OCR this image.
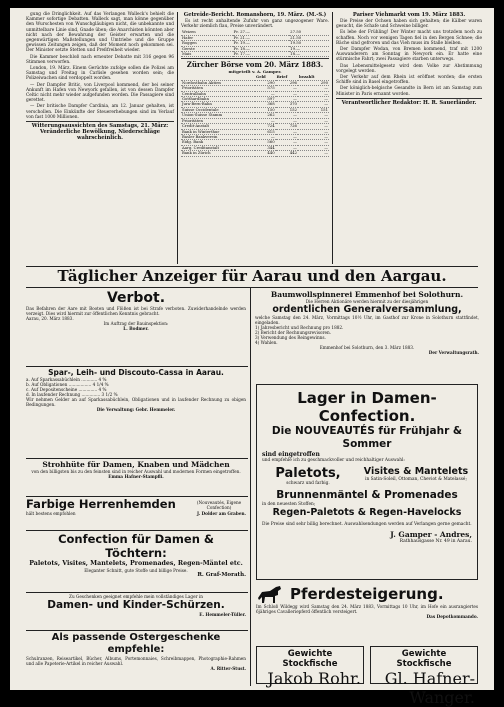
gung die Dringlichkeit. Auf das Verlangen Walleck's behielt die Kammer sofortige Debatten. Walleck sagt, man könne gegenüber den Wurschesten von Wunschgläubigen nicht, die unbekannte und unmittelbare Linie sind, Gnade üben; die Anarchisten könnten aber nicht nach der Bewahrung der Geister erwarten und die gegenwärtigen Maßstellungen und Umtriebe und die Gruppe gewissen Zeitungen zeigen, daß der Moment noch gekommen sei. Der Minister setzte Stetten und Preßfreiheit wieder.

Die Kammer beschloß nach erneuter Debatte mit 316 gegen 96 Stimmen verworfen.

London, 19. März. Einem Gerüchte zufolge sollen die Polizei am Samstag und Freitag in Carlisle gesehen worden sein; die Polizeiwachen sind verdoppelt worden.

— Der Dampfer Britic, von Liverpool kommend, der bei seiner Ankunft im Hafen von Newyork gefallen, ist von dessen Dampfer Celtic nicht mehr wieder aufgefunden worden. Die Passagiere sind gerettet.

— Der britische Dampfer Cardinia, am 12. Januar gehalten, ist verschollen. Die Einkünfte der Steuererhebungen sind im Verlauf von fast 1000 Millionen.

Witterungsaussichten des Samstags, 21. März: Veränderliche Bewölkung, Niederschläge wahrscheinlich.

Getreide-Bericht. Romanshorn, 19. März. (M.-S.)

Es ist recht anhaltende Zufuhr von ganz ungezogener Ware. Verkehr ziemlich flau, Preise unverändert.

Weizen	Fr. 27.—	27.50
Hafer	Fr. 21.—	21.50
Roggen	Fr. 19.—	19.50
Gerste	Fr. 18.—	19.—
Mais	Fr. 17.—	18.—
Zürcher Börse vom 20. März 1883.
mitgeteilt v. A. Gamper.
	Geld	Brief	bezahlt
Nordostbahn Aktien	290	296	290
Prioritäten	575	—	—
Centralbahn	—	—	—
Gotthardbahn	597	—	—
Jura-Bern-Bahn	368	370	—
Suisse Occidentale	150	152	151
Union-Suisse Stamm	262	—	—
Prioritäten	—	—	—
Credit-Anstalt	724	726	—
Bank in Winterthur	615	—	—
Basler Bankverein	—	—	—
Eidg. Bank	560	—	—
Aarg. Creditanstalt	344	—	—
Bank in Zürich	440	442	—

Pariser Viehmarkt vom 19. März 1883.

Die Preise der Ochsen haben sich gehalten; die Kälber waren gesucht, die Schafe und Schweine billiger.

Es lebe der Frühling! Der Winter macht uns trotzdem noch zu schaffen. Noch vor wenigen Tagen fiel in den Bergen Schnee; die Bäche sind gefroren und das Vieh muss im Stalle bleiben.

Der Dampfer Wodan, von Bremen kommend, traf mit 1200 Auswanderern am Sonntag in Newyork ein. Er hatte eine stürmische Fahrt; zwei Passagiere starben unterwegs.

Das Lebensmittelgesetz wird dem Volke zur Abstimmung vorgelegt werden.

Der Verkehr auf dem Rhein ist eröffnet worden; die ersten Schiffe sind in Basel eingetroffen.

Der königlich-belgische Gesandte in Bern ist am Samstag zum Minister in Paris ernannt worden.

Verantwortlicher Redaktor: H. R. Sauerländer.

Täglicher Anzeiger für Aarau und den Aargau.
Verbot.
Das Befahren der Aare mit Booten und Flößen ist bei Strafe verboten. Zuwiderhandelnde werden verzeigt. Dies wird hiermit zur öffentlichen Kenntnis gebracht.
Aarau, 20. März 1883.
Im Auftrag der Bauinspektion:
L. Bodmer.
Spar-, Leih- und Discouto-Cassa in Aarau.
a. Auf Sparkassabüchlein ............ 4 %
b. Auf Obligationen ................. 4 1/4 %
c. Auf Depositenscheine .............. 4 %
d. In laufender Rechnung .............. 3 1/2 %
Wir nehmen Gelder an auf Sparkassabüchlein, Obligationen und in laufender Rechnung zu obigen Bedingungen.
Die Verwaltung: Gebr. Hemmeler.
Strohhüte für Damen, Knaben und Mädchen
von den billigsten bis zu den feinsten sind in reicher Auswahl und modernen Formen eingetroffen.
Emma Hafner-Stampfli.
Farbige Herrenhemden	(Nouveautés, Eigene Confection)
hält bestens empfohlen	J. Dolder am Graben.
Confection für Damen & Töchtern:
Paletots, Visites, Mantelets, Promenades, Regen-Mäntel etc.
Eleganter Schnitt, gute Stoffe und billige Preise.
R. Graf-Morath.
Zu Geschenken geeignet empfehle mein vollständiges Lager in
Damen- und Kinder-Schürzen.
E. Hemmeler-Tüller.
Als passende Ostergeschenke empfehle:
Schulranzen, Reiseartikel, Bücher, Albums, Portemonnaies, Schreibmappen, Photographie-Rahmen und alle Papeterie-Artikel in reicher Auswahl.
A. Ritter-Stust.
Baumwollspinnerei Emmenhof bei Solothurn.
Die Herren Aktionäre werden hiermit zu der diesjährigen
ordentlichen Generalversammlung,
welche Samstag den 24. März, Vormittags 10½ Uhr, im Gasthof zur Krone in Solothurn stattfindet, eingeladen.
1) Jahresbericht und Rechnung pro 1882.
2) Bericht der Rechnungsrevisoren.
3) Verwendung des Reingewinns.
4) Wahlen.
Emmenhof bei Solothurn, den 3. März 1883.
Der Verwaltungsrath.
Lager in Damen-Confection.
Die NOUVEAUTÉS für Frühjahr & Sommer
sind eingetroffen
und empfehle ich zu geschmackvoller und reichhaltiger Auswahl:
Paletots,
schwarz und farbig.
Visites & Mantelets
in Satin-Soleil, Ottoman, Cheviot & Matelassé;
Brunnenmäntel & Promenades
in den neuesten Stoffen;
Regen-Paletots & Regen-Havelocks
Die Preise sind sehr billig berechnet. Auswahlsendungen werden auf Verlangen gerne gemacht.
J. Gamper - Andres,
Rathhausgasse Nr. 49 in Aarau.
Pferdesteigerung.
Im Schloß Wildegg wird Samstag den 24. März 1883, Vormittags 10 Uhr, im Hofe ein ausrangiertes 6jähriges Cavalleriepferd öffentlich versteigert.
Das Depotkommando.
Gewichte Stockfische
Jakob Rohr.
Gewichte Stockfische
Gl. Hafner-Wanger.
